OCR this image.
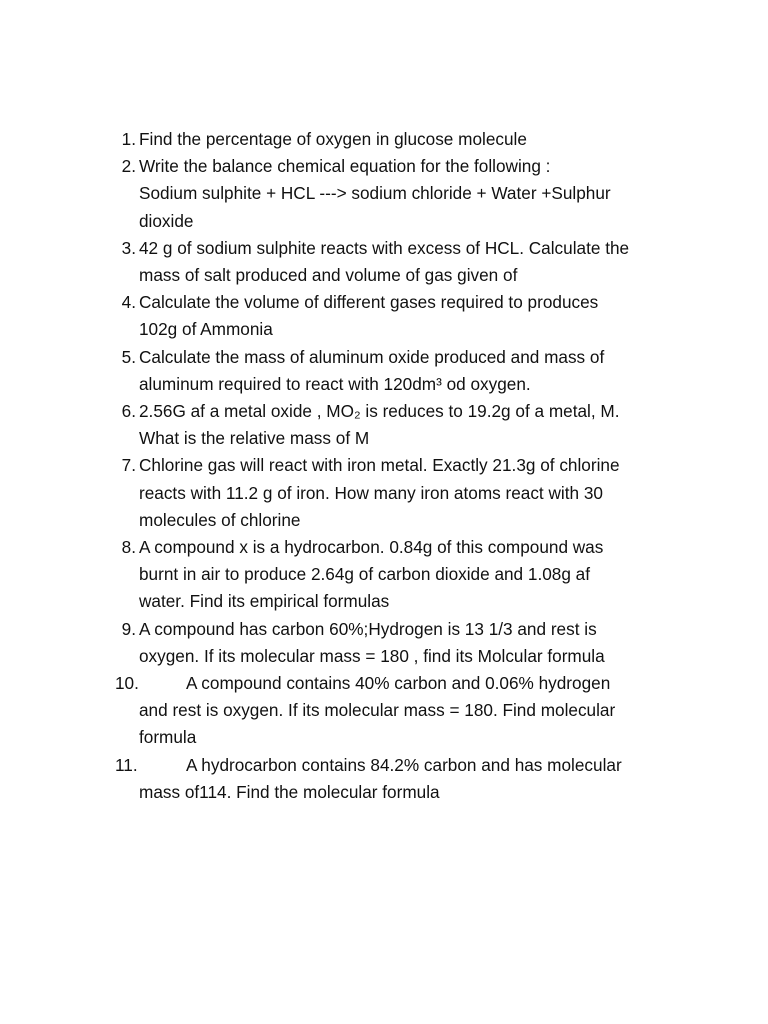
1. Find the percentage of oxygen in glucose molecule
2. Write the balance chemical equation for the following :
Sodium sulphite + HCL ---> sodium chloride + Water +Sulphur
dioxide
3. 42 g of sodium sulphite reacts with excess of HCL. Calculate the
mass of salt produced and volume of gas given of
4. Calculate the volume of different gases required to produces
102g of Ammonia
5. Calculate the mass of aluminum oxide produced and mass of
aluminum required to react with 120dm³ od oxygen.
6. 2.56G af a metal oxide , MO₂ is reduces to 19.2g of a metal, M.
What is the relative mass of M
7. Chlorine gas will react with iron metal. Exactly 21.3g of chlorine
reacts with 11.2 g of iron. How many iron atoms react with 30
molecules of chlorine
8. A compound x is a hydrocarbon. 0.84g of this compound was
burnt in air to produce 2.64g of carbon dioxide and 1.08g af
water. Find its empirical formulas
9. A compound has carbon 60%;Hydrogen is 13 1/3 and rest is
oxygen. If its molecular mass = 180 , find its Molcular formula
10.	A compound contains 40% carbon and 0.06% hydrogen
and rest is oxygen. If its molecular mass = 180. Find molecular
formula
11.	A hydrocarbon contains 84.2% carbon and has molecular
mass of114. Find the molecular formula
